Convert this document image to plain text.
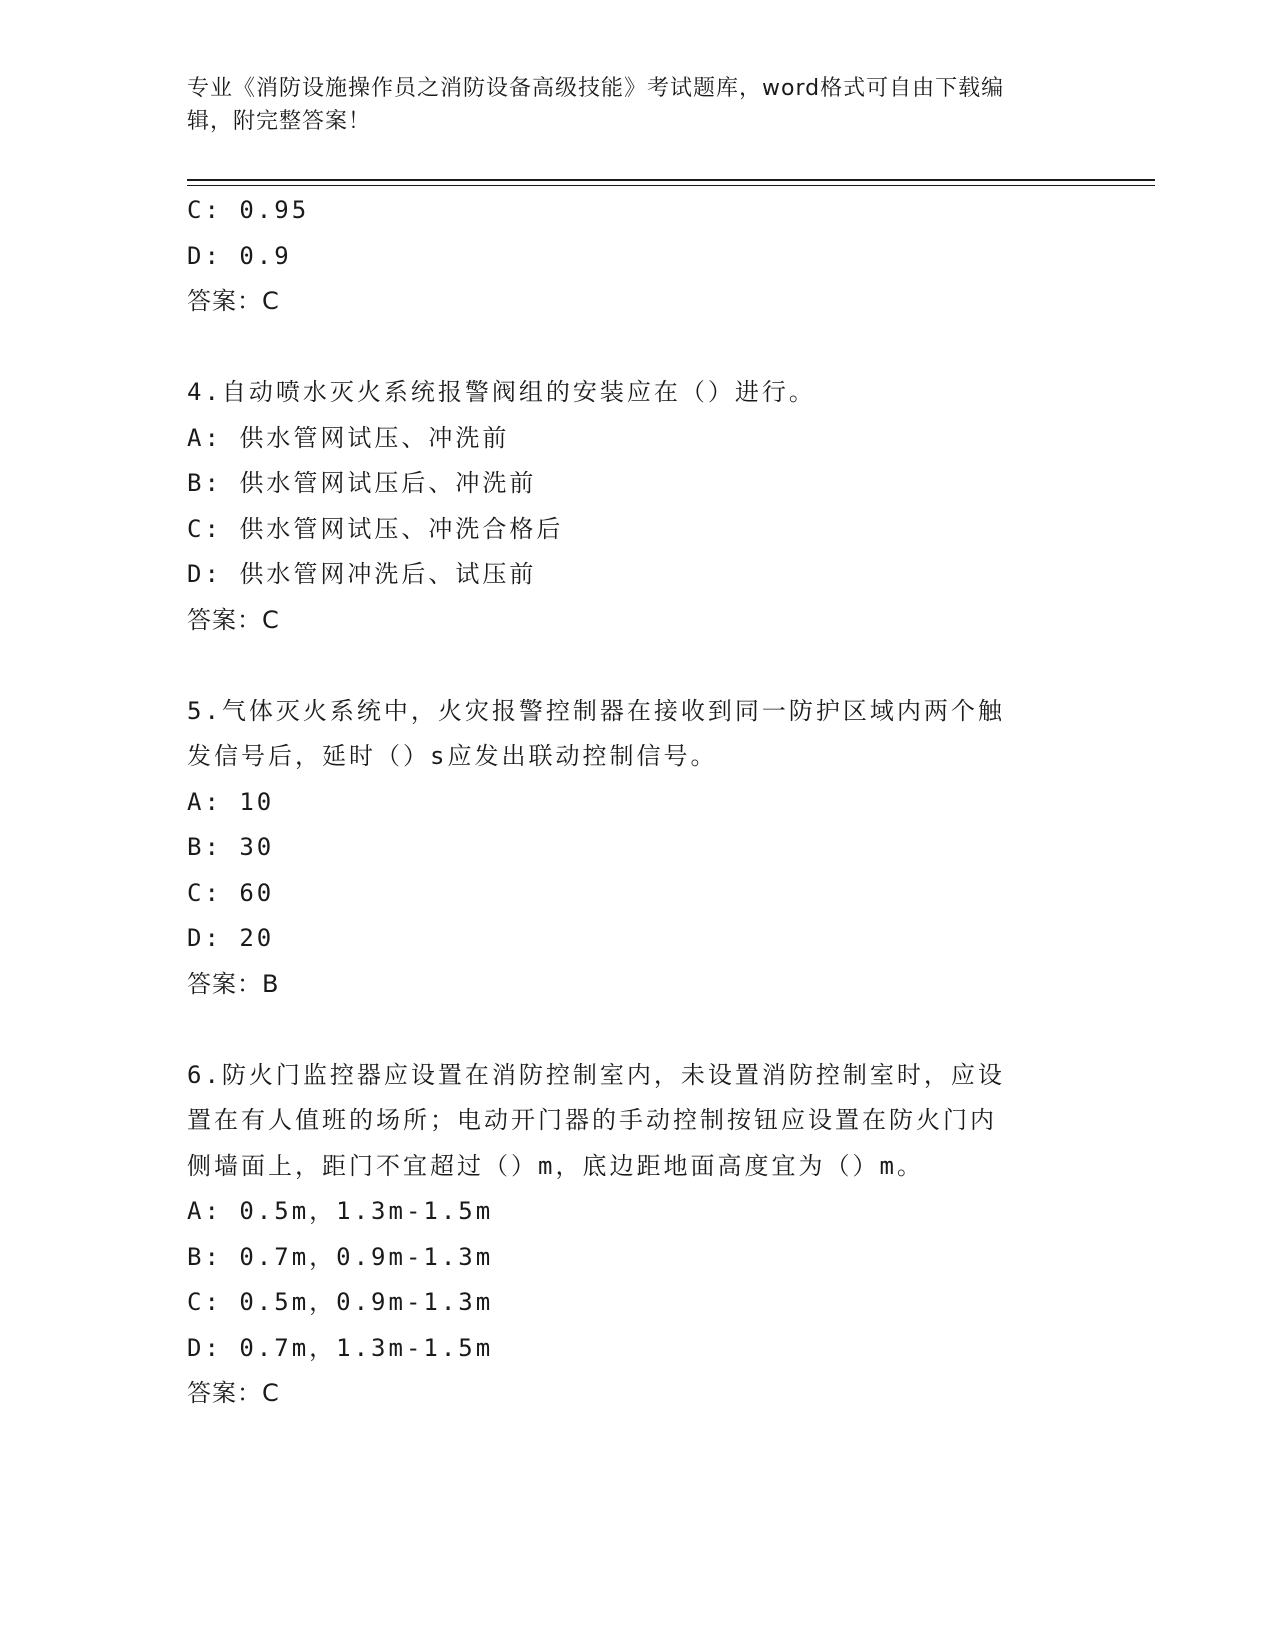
专业《消防设施操作员之消防设备高级技能》考试题库，word格式可自由下载编
辑，附完整答案！
C: 0.95
D: 0.9
答案：C
4.自动喷水灭火系统报警阀组的安装应在（）进行。
A: 供水管网试压、冲洗前
B: 供水管网试压后、冲洗前
C: 供水管网试压、冲洗合格后
D: 供水管网冲洗后、试压前
答案：C
5.气体灭火系统中，火灾报警控制器在接收到同一防护区域内两个触
发信号后，延时（）s应发出联动控制信号。
A: 10
B: 30
C: 60
D: 20
答案：B
6.防火门监控器应设置在消防控制室内，未设置消防控制室时，应设
置在有人值班的场所；电动开门器的手动控制按钮应设置在防火门内
侧墙面上，距门不宜超过（）m，底边距地面高度宜为（）m。
A: 0.5m，1.3m-1.5m
B: 0.7m，0.9m-1.3m
C: 0.5m，0.9m-1.3m
D: 0.7m，1.3m-1.5m
答案：C
